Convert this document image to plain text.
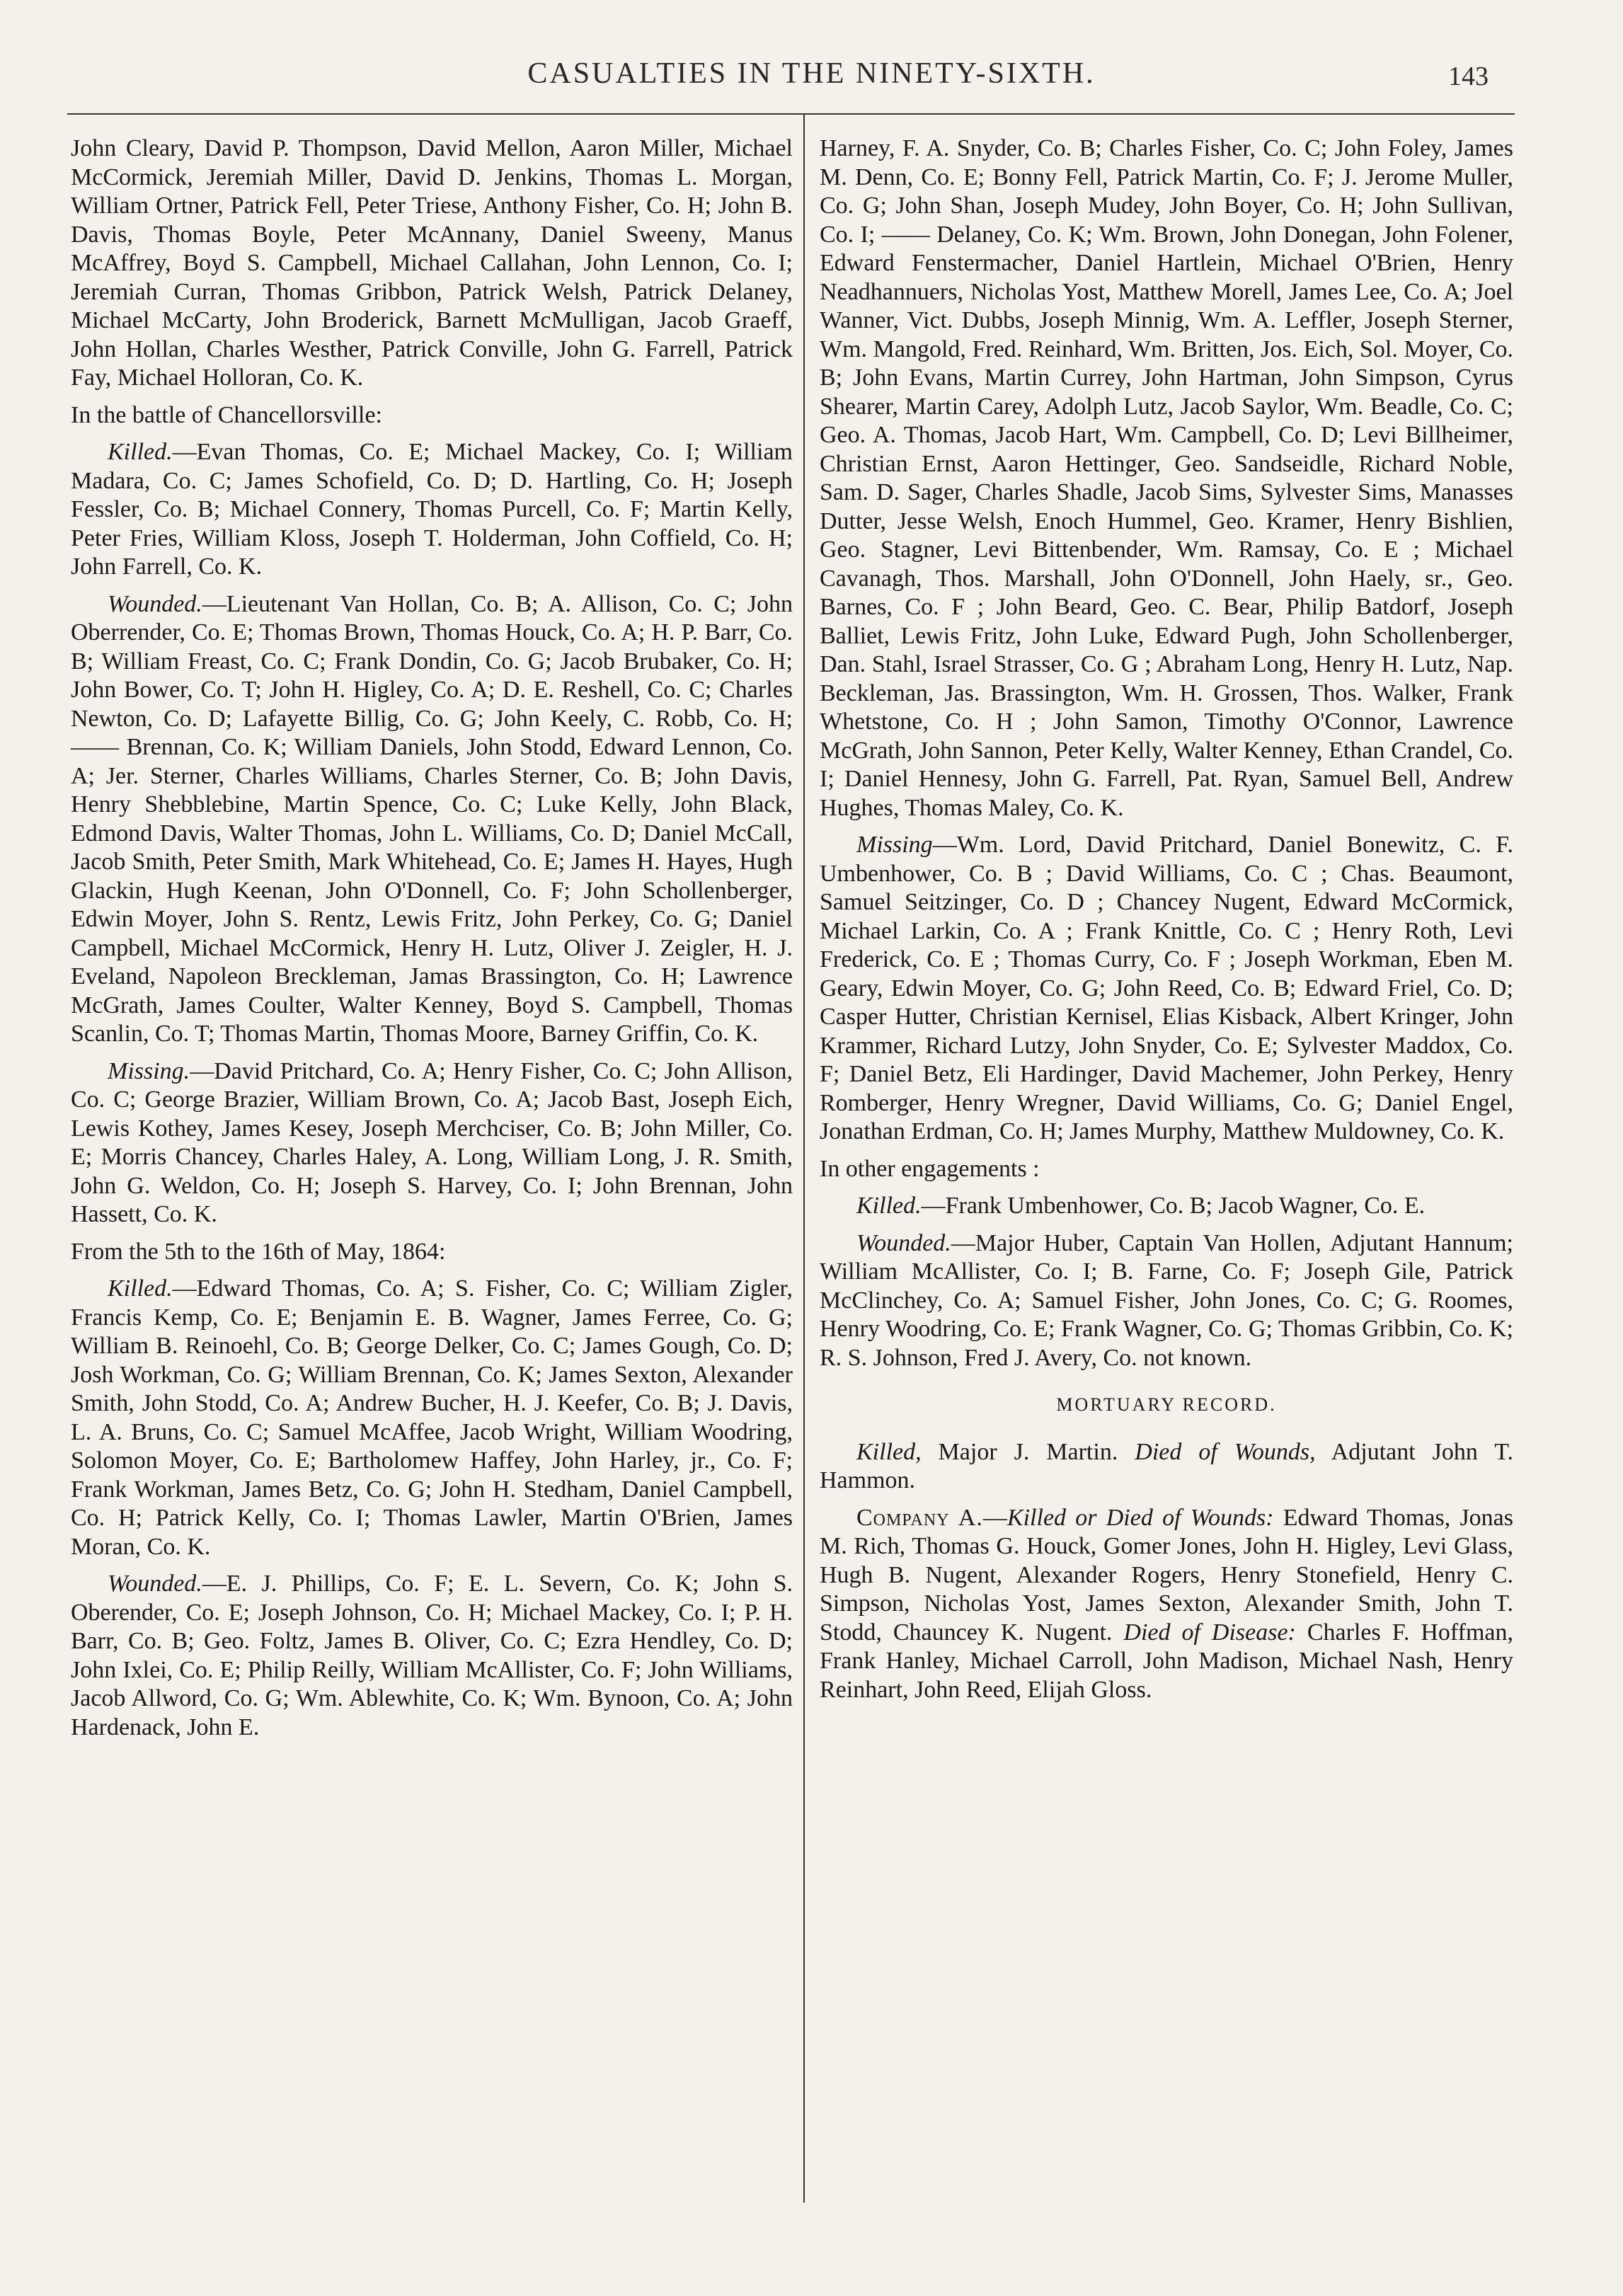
CASUALTIES IN THE NINETY-SIXTH.	143

John Cleary, David P. Thompson, David Mellon, Aaron Miller, Michael McCormick, Jeremiah Miller, David D. Jenkins, Thomas L. Morgan, William Ortner, Patrick Fell, Peter Triese, Anthony Fisher, Co. H; John B. Davis, Thomas Boyle, Peter McAnnany, Daniel Sweeny, Manus McAffrey, Boyd S. Campbell, Michael Callahan, John Lennon, Co. I; Jeremiah Curran, Thomas Gribbon, Patrick Welsh, Patrick Delaney, Michael McCarty, John Broderick, Barnett McMulligan, Jacob Graeff, John Hollan, Charles Westher, Patrick Conville, John G. Farrell, Patrick Fay, Michael Holloran, Co. K.

In the battle of Chancellorsville:

Killed.—Evan Thomas, Co. E; Michael Mackey, Co. I; William Madara, Co. C; James Schofield, Co. D; D. Hartling, Co. H; Joseph Fessler, Co. B; Michael Connery, Thomas Purcell, Co. F; Martin Kelly, Peter Fries, William Kloss, Joseph T. Holderman, John Coffield, Co. H; John Farrell, Co. K.

Wounded.—Lieutenant Van Hollan, Co. B; A. Allison, Co. C; John Oberrender, Co. E; Thomas Brown, Thomas Houck, Co. A; H. P. Barr, Co. B; William Freast, Co. C; Frank Dondin, Co. G; Jacob Brubaker, Co. H; John Bower, Co. T; John H. Higley, Co. A; D. E. Reshell, Co. C; Charles Newton, Co. D; Lafayette Billig, Co. G; John Keely, C. Robb, Co. H; —— Brennan, Co. K; William Daniels, John Stodd, Edward Lennon, Co. A; Jer. Sterner, Charles Williams, Charles Sterner, Co. B; John Davis, Henry Shebblebine, Martin Spence, Co. C; Luke Kelly, John Black, Edmond Davis, Walter Thomas, John L. Williams, Co. D; Daniel McCall, Jacob Smith, Peter Smith, Mark Whitehead, Co. E; James H. Hayes, Hugh Glackin, Hugh Keenan, John O'Donnell, Co. F; John Schollenberger, Edwin Moyer, John S. Rentz, Lewis Fritz, John Perkey, Co. G; Daniel Campbell, Michael McCormick, Henry H. Lutz, Oliver J. Zeigler, H. J. Eveland, Napoleon Breckleman, Jamas Brassington, Co. H; Lawrence McGrath, James Coulter, Walter Kenney, Boyd S. Campbell, Thomas Scanlin, Co. T; Thomas Martin, Thomas Moore, Barney Griffin, Co. K.

Missing.—David Pritchard, Co. A; Henry Fisher, Co. C; John Allison, Co. C; George Brazier, William Brown, Co. A; Jacob Bast, Joseph Eich, Lewis Kothey, James Kesey, Joseph Merchciser, Co. B; John Miller, Co. E; Morris Chancey, Charles Haley, A. Long, William Long, J. R. Smith, John G. Weldon, Co. H; Joseph S. Harvey, Co. I; John Brennan, John Hassett, Co. K.

From the 5th to the 16th of May, 1864:

Killed.—Edward Thomas, Co. A; S. Fisher, Co. C; William Zigler, Francis Kemp, Co. E; Benjamin E. B. Wagner, James Ferree, Co. G; William B. Reinoehl, Co. B; George Delker, Co. C; James Gough, Co. D; Josh Workman, Co. G; William Brennan, Co. K; James Sexton, Alexander Smith, John Stodd, Co. A; Andrew Bucher, H. J. Keefer, Co. B; J. Davis, L. A. Bruns, Co. C; Samuel McAffee, Jacob Wright, William Woodring, Solomon Moyer, Co. E; Bartholomew Haffey, John Harley, jr., Co. F; Frank Workman, James Betz, Co. G; John H. Stedham, Daniel Campbell, Co. H; Patrick Kelly, Co. I; Thomas Lawler, Martin O'Brien, James Moran, Co. K.

Wounded.—E. J. Phillips, Co. F; E. L. Severn, Co. K; John S. Oberender, Co. E; Joseph Johnson, Co. H; Michael Mackey, Co. I; P. H. Barr, Co. B; Geo. Foltz, James B. Oliver, Co. C; Ezra Hendley, Co. D; John Ixlei, Co. E; Philip Reilly, William McAllister, Co. F; John Williams, Jacob Allword, Co. G; Wm. Ablewhite, Co. K; Wm. Bynoon, Co. A; John Hardenack, John E.

Harney, F. A. Snyder, Co. B; Charles Fisher, Co. C; John Foley, James M. Denn, Co. E; Bonny Fell, Patrick Martin, Co. F; J. Jerome Muller, Co. G; John Shan, Joseph Mudey, John Boyer, Co. H; John Sullivan, Co. I; —— Delaney, Co. K; Wm. Brown, John Donegan, John Folener, Edward Fenstermacher, Daniel Hartlein, Michael O'Brien, Henry Neadhannuers, Nicholas Yost, Matthew Morell, James Lee, Co. A; Joel Wanner, Vict. Dubbs, Joseph Minnig, Wm. A. Leffler, Joseph Sterner, Wm. Mangold, Fred. Reinhard, Wm. Britten, Jos. Eich, Sol. Moyer, Co. B; John Evans, Martin Currey, John Hartman, John Simpson, Cyrus Shearer, Martin Carey, Adolph Lutz, Jacob Saylor, Wm. Beadle, Co. C; Geo. A. Thomas, Jacob Hart, Wm. Campbell, Co. D; Levi Billheimer, Christian Ernst, Aaron Hettinger, Geo. Sandseidle, Richard Noble, Sam. D. Sager, Charles Shadle, Jacob Sims, Sylvester Sims, Manasses Dutter, Jesse Welsh, Enoch Hummel, Geo. Kramer, Henry Bishlien, Geo. Stagner, Levi Bittenbender, Wm. Ramsay, Co. E ; Michael Cavanagh, Thos. Marshall, John O'Donnell, John Haely, sr., Geo. Barnes, Co. F ; John Beard, Geo. C. Bear, Philip Batdorf, Joseph Balliet, Lewis Fritz, John Luke, Edward Pugh, John Schollenberger, Dan. Stahl, Israel Strasser, Co. G ; Abraham Long, Henry H. Lutz, Nap. Beckleman, Jas. Brassington, Wm. H. Grossen, Thos. Walker, Frank Whetstone, Co. H ; John Samon, Timothy O'Connor, Lawrence McGrath, John Sannon, Peter Kelly, Walter Kenney, Ethan Crandel, Co. I; Daniel Hennesy, John G. Farrell, Pat. Ryan, Samuel Bell, Andrew Hughes, Thomas Maley, Co. K.

Missing—Wm. Lord, David Pritchard, Daniel Bonewitz, C. F. Umbenhower, Co. B ; David Williams, Co. C ; Chas. Beaumont, Samuel Seitzinger, Co. D ; Chancey Nugent, Edward McCormick, Michael Larkin, Co. A ; Frank Knittle, Co. C ; Henry Roth, Levi Frederick, Co. E ; Thomas Curry, Co. F ; Joseph Workman, Eben M. Geary, Edwin Moyer, Co. G; John Reed, Co. B; Edward Friel, Co. D; Casper Hutter, Christian Kernisel, Elias Kisback, Albert Kringer, John Krammer, Richard Lutzy, John Snyder, Co. E; Sylvester Maddox, Co. F; Daniel Betz, Eli Hardinger, David Machemer, John Perkey, Henry Romberger, Henry Wregner, David Williams, Co. G; Daniel Engel, Jonathan Erdman, Co. H; James Murphy, Matthew Muldowney, Co. K.

In other engagements :

Killed.—Frank Umbenhower, Co. B; Jacob Wagner, Co. E.

Wounded.—Major Huber, Captain Van Hollen, Adjutant Hannum; William McAllister, Co. I; B. Farne, Co. F; Joseph Gile, Patrick McClinchey, Co. A; Samuel Fisher, John Jones, Co. C; G. Roomes, Henry Woodring, Co. E; Frank Wagner, Co. G; Thomas Gribbin, Co. K; R. S. Johnson, Fred J. Avery, Co. not known.

MORTUARY RECORD.

Killed, Major J. Martin. Died of Wounds, Adjutant John T. Hammon.

Company A.—Killed or Died of Wounds: Edward Thomas, Jonas M. Rich, Thomas G. Houck, Gomer Jones, John H. Higley, Levi Glass, Hugh B. Nugent, Alexander Rogers, Henry Stonefield, Henry C. Simpson, Nicholas Yost, James Sexton, Alexander Smith, John T. Stodd, Chauncey K. Nugent. Died of Disease: Charles F. Hoffman, Frank Hanley, Michael Carroll, John Madison, Michael Nash, Henry Reinhart, John Reed, Elijah Gloss.
